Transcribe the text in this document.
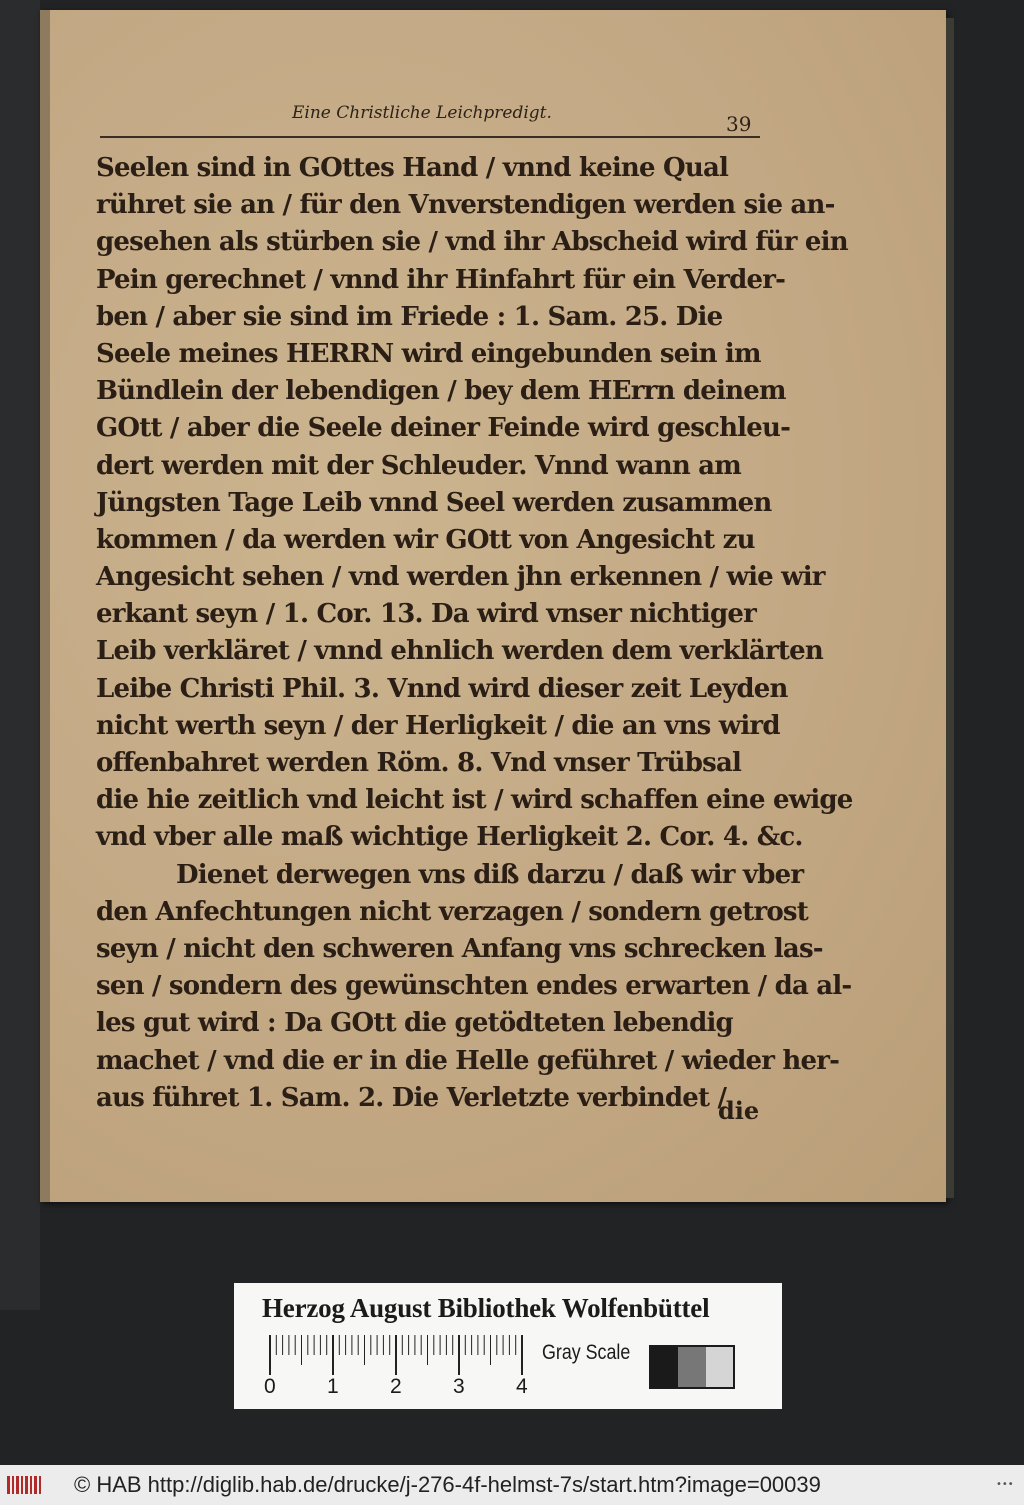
Eine Christliche Leichpredigt.	39
Seelen sind in GOttes Hand / vnnd keine Qual
rühret sie an / für den Vnverstendigen werden sie an-
gesehen als stürben sie / vnd ihr Abscheid wird für ein
Pein gerechnet / vnnd ihr Hinfahrt für ein Verder-
ben / aber sie sind im Friede : 1. Sam. 25. Die
Seele meines HERRN wird eingebunden sein im
Bündlein der lebendigen / bey dem HErrn deinem
GOtt / aber die Seele deiner Feinde wird geschleu-
dert werden mit der Schleuder. Vnnd wann am
Jüngsten Tage Leib vnnd Seel werden zusammen
kommen / da werden wir GOtt von Angesicht zu
Angesicht sehen / vnd werden jhn erkennen / wie wir
erkant seyn / 1. Cor. 13. Da wird vnser nichtiger
Leib verkläret / vnnd ehnlich werden dem verklärten
Leibe Christi Phil. 3. Vnnd wird dieser zeit Leyden
nicht werth seyn / der Herligkeit / die an vns wird
offenbahret werden Röm. 8. Vnd vnser Trübsal
die hie zeitlich vnd leicht ist / wird schaffen eine ewige
vnd vber alle maß wichtige Herligkeit 2. Cor. 4. &c.
Dienet derwegen vns diß darzu / daß wir vber
den Anfechtungen nicht verzagen / sondern getrost
seyn / nicht den schweren Anfang vns schrecken las-
sen / sondern des gewünschten endes erwarten / da al-
les gut wird : Da GOtt die getödteten lebendig
machet / vnd die er in die Helle geführet / wieder her-
aus führet 1. Sam. 2. Die Verletzte verbindet /
die
Herzog August Bibliothek Wolfenbüttel
0 1 2 3 4
Gray Scale
© HAB http://diglib.hab.de/drucke/j-276-4f-helmst-7s/start.htm?image=00039	•••
